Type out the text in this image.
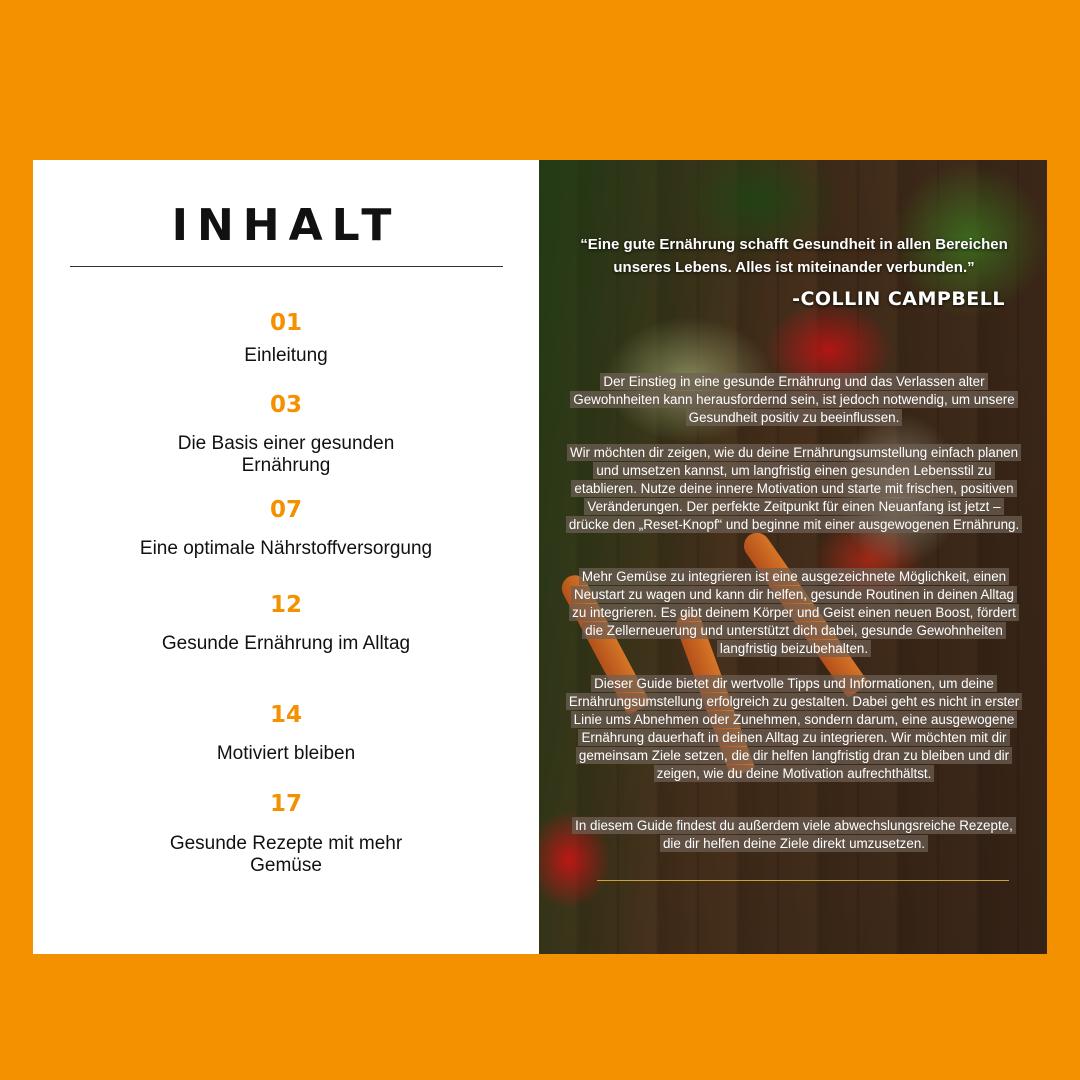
INHALT
01
Einleitung
03
Die Basis einer gesunden Ernährung
07
Eine optimale Nährstoffversorgung
12
Gesunde Ernährung im Alltag
14
Motiviert bleiben
17
Gesunde Rezepte mit mehr Gemüse
“Eine gute Ernährung schafft Gesundheit in allen Bereichen unseres Lebens. Alles ist miteinander verbunden.”
-COLLIN CAMPBELL
Der Einstieg in eine gesunde Ernährung und das Verlassen alter Gewohnheiten kann herausfordernd sein, ist jedoch notwendig, um unsere Gesundheit positiv zu beeinflussen.
Wir möchten dir zeigen, wie du deine Ernährungsumstellung einfach planen und umsetzen kannst, um langfristig einen gesunden Lebensstil zu etablieren. Nutze deine innere Motivation und starte mit frischen, positiven Veränderungen. Der perfekte Zeitpunkt für einen Neuanfang ist jetzt – drücke den „Reset-Knopf“ und beginne mit einer ausgewogenen Ernährung.
Mehr Gemüse zu integrieren ist eine ausgezeichnete Möglichkeit, einen Neustart zu wagen und kann dir helfen, gesunde Routinen in deinen Alltag zu integrieren. Es gibt deinem Körper und Geist einen neuen Boost, fördert die Zellerneuerung und unterstützt dich dabei, gesunde Gewohnheiten langfristig beizubehalten.
Dieser Guide bietet dir wertvolle Tipps und Informationen, um deine Ernährungsumstellung erfolgreich zu gestalten. Dabei geht es nicht in erster Linie ums Abnehmen oder Zunehmen, sondern darum, eine ausgewogene Ernährung dauerhaft in deinen Alltag zu integrieren. Wir möchten mit dir gemeinsam Ziele setzen, die dir helfen langfristig dran zu bleiben und dir zeigen, wie du deine Motivation aufrechthältst.
In diesem Guide findest du außerdem viele abwechslungsreiche Rezepte, die dir helfen deine Ziele direkt umzusetzen.
